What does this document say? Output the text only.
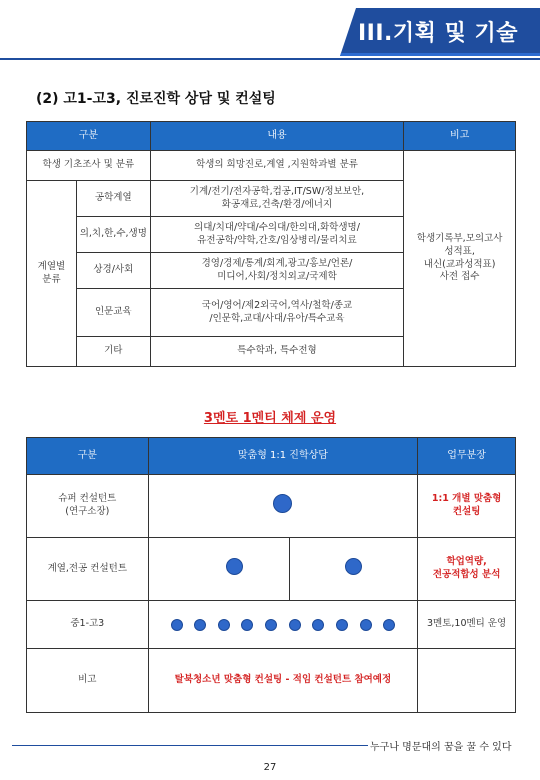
III.기획 및 기술
(2) 고1-고3, 진로진학 상담 및 컨설팅
구분		내용	비고
학생 기초조사 및 분류		학생의 희망진로,계열 ,지원학과별 분류	학생기록부,모의고사
성적표,
내신(교과성적표)
사전 접수
계열별
분류	공학계열	기계/전기/전자공학,컴공,IT/SW/정보보안,
화공재료,건축/환경/에너지	
	의,치,한,수,생명	의대/치대/약대/수의대/한의대,화학생명/
유전공학/약학,간호/임상병리/물리치료	
	상경/사회	경영/경제/통계/회계,광고/홍보/언론/
미디어,사회/정치외교/국제학	
	인문교육	국어/영어/제2외국어,역사/철학/종교
/인문학,교대/사대/유아/특수교육	
	기타	특수학과, 특수전형	
3멘토 1멘티 체제 운영
구분	맞춤형 1:1 진학상담		업무분장
슈퍼 컨설턴트
(연구소장)			1:1 개별 맞춤형
컨설팅
계열,전공 컨설턴트			학업역량,
전공적합성 분석
중1-고3			3멘토,10멘티 운영
비고	탈북청소년 맞춤형 컨설팅 - 적임 컨설턴트 참여예정		
누구나 명문대의 꿈을 꿀 수 있다
27
